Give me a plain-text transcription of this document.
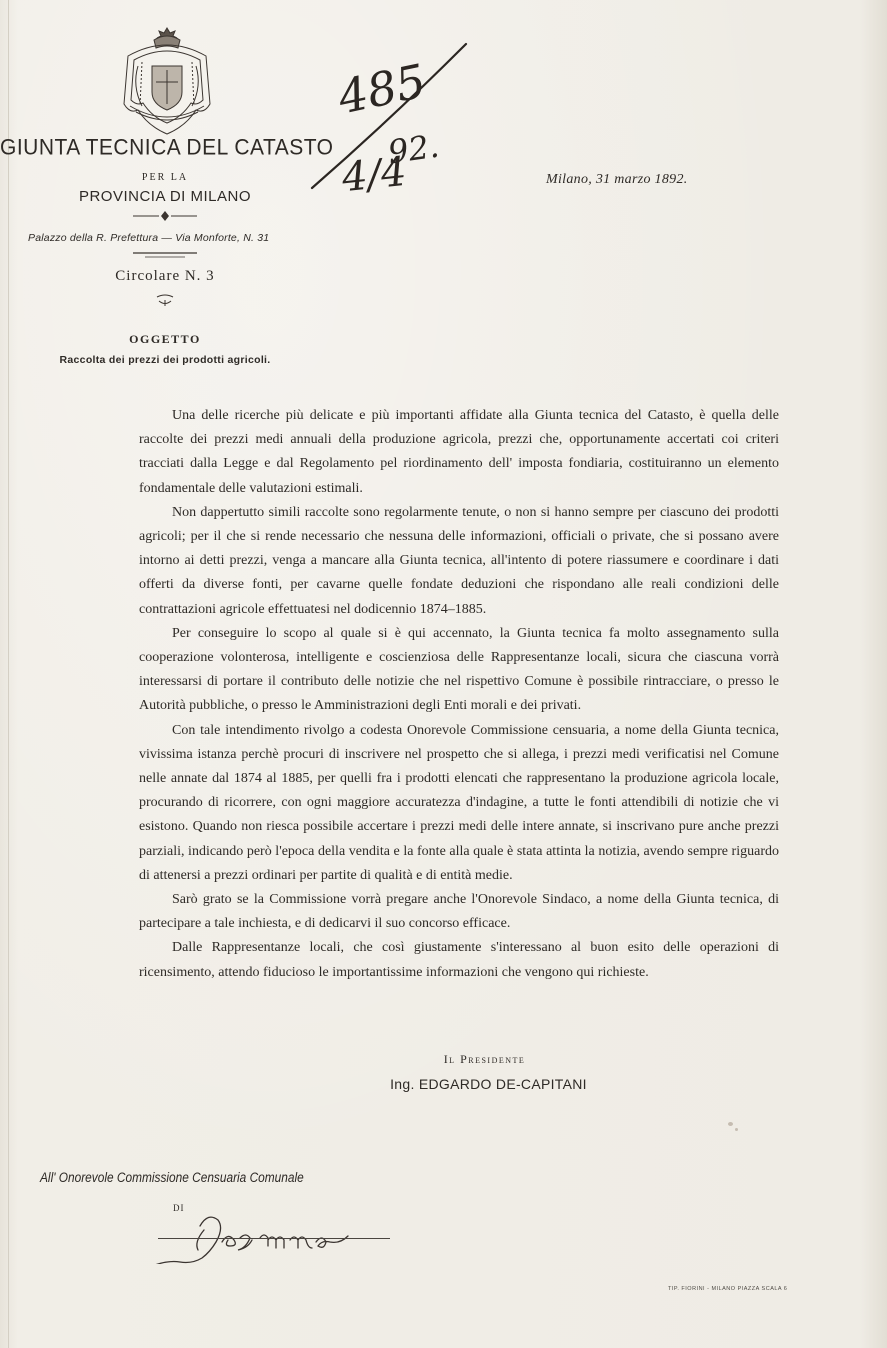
GIUNTA TECNICA DEL CATASTO
PER LA
PROVINCIA DI MILANO
Palazzo della R. Prefettura — Via Monforte, N. 31
Circolare N. 3
OGGETTO
Raccolta dei prezzi dei prodotti agricoli.
485
92.
4/4	Milano, 31 marzo 1892.

Una delle ricerche più delicate e più importanti affidate alla Giunta tecnica del Catasto, è quella delle raccolte dei prezzi medi annuali della produzione agricola, prezzi che, opportunamente accertati coi criteri tracciati dalla Legge e dal Regolamento pel riordinamento dell' imposta fondiaria, costituiranno un elemento fondamentale delle valutazioni estimali.

Non dappertutto simili raccolte sono regolarmente tenute, o non si hanno sempre per ciascuno dei prodotti agricoli; per il che si rende necessario che nessuna delle informazioni, officiali o private, che si possano avere intorno ai detti prezzi, venga a mancare alla Giunta tecnica, all'intento di potere riassumere e coordinare i dati offerti da diverse fonti, per cavarne quelle fondate deduzioni che rispondano alle reali condizioni delle contrattazioni agricole effettuatesi nel dodicennio 1874–1885.

Per conseguire lo scopo al quale si è qui accennato, la Giunta tecnica fa molto assegnamento sulla cooperazione volonterosa, intelligente e coscienziosa delle Rappresentanze locali, sicura che ciascuna vorrà interessarsi di portare il contributo delle notizie che nel rispettivo Comune è possibile rintracciare, o presso le Autorità pubbliche, o presso le Amministrazioni degli Enti morali e dei privati.

Con tale intendimento rivolgo a codesta Onorevole Commissione censuaria, a nome della Giunta tecnica, vivissima istanza perchè procuri di inscrivere nel prospetto che si allega, i prezzi medi verificatisi nel Comune nelle annate dal 1874 al 1885, per quelli fra i prodotti elencati che rappresentano la produzione agricola locale, procurando di ricorrere, con ogni maggiore accuratezza d'indagine, a tutte le fonti attendibili di notizie che vi esistono. Quando non riesca possibile accertare i prezzi medi delle intere annate, si inscrivano pure anche prezzi parziali, indicando però l'epoca della vendita e la fonte alla quale è stata attinta la notizia, avendo sempre riguardo di attenersi a prezzi ordinari per partite di qualità e di entità medie.

Sarò grato se la Commissione vorrà pregare anche l'Onorevole Sindaco, a nome della Giunta tecnica, di partecipare a tale inchiesta, e di dedicarvi il suo concorso efficace.

Dalle Rappresentanze locali, che così giustamente s'interessano al buon esito delle operazioni di ricensimento, attendo fiducioso le importantissime informazioni che vengono qui richieste.

Il Presidente
Ing. EDGARDO DE-CAPITANI
All' Onorevole Commissione Censuaria Comunale
DI
TIP. FIORINI - MILANO PIAZZA SCALA 6
